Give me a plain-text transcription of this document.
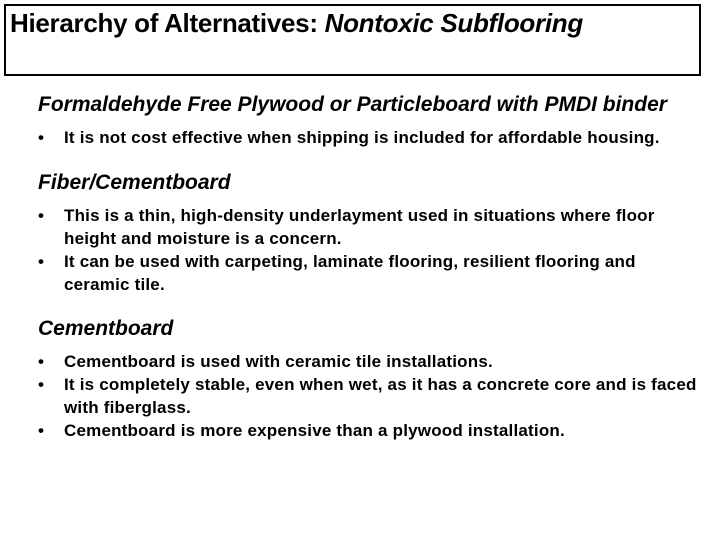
Hierarchy of Alternatives: Nontoxic Subflooring

Formaldehyde Free Plywood or Particleboard with PMDI binder

• It is not cost effective when shipping is included for affordable housing.

Fiber/Cementboard

• This is a thin, high-density underlayment used in situations where floor height and moisture is a concern.
• It can be used with carpeting, laminate flooring, resilient flooring and ceramic tile.

Cementboard

• Cementboard is used with ceramic tile installations.
• It is completely stable, even when wet, as it has a concrete core and is faced with fiberglass.
• Cementboard is more expensive than a plywood installation.
